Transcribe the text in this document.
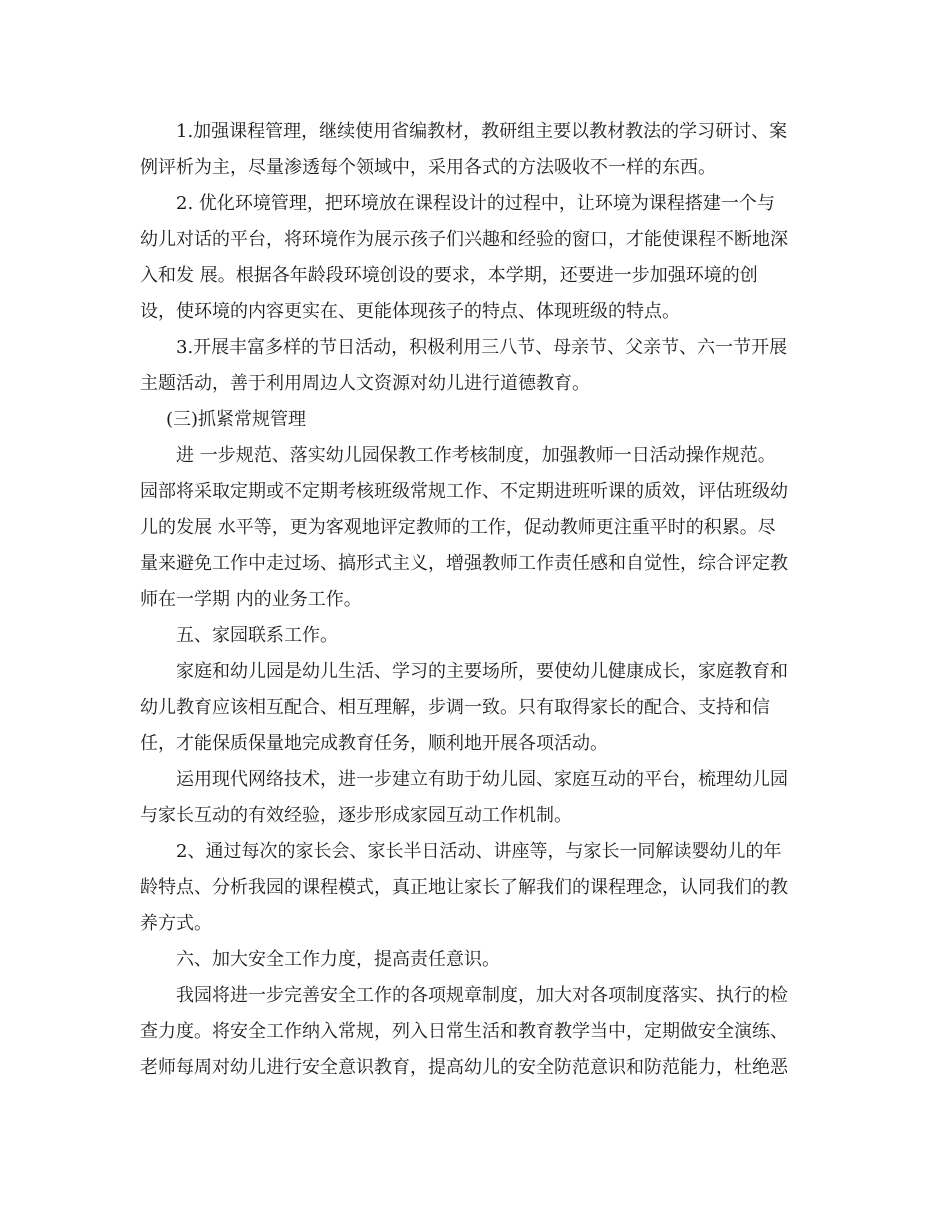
1.加强课程管理，继续使用省编教材，教研组主要以教材教法的学习研讨、案
例评析为主，尽量渗透每个领域中，采用各式的方法吸收不一样的东西。

2. 优化环境管理，把环境放在课程设计的过程中，让环境为课程搭建一个与
幼儿对话的平台，将环境作为展示孩子们兴趣和经验的窗口，才能使课程不断地深
入和发 展。根据各年龄段环境创设的要求，本学期，还要进一步加强环境的创
设，使环境的内容更实在、更能体现孩子的特点、体现班级的特点。

3.开展丰富多样的节日活动，积极利用三八节、母亲节、父亲节、六一节开展
主题活动，善于利用周边人文资源对幼儿进行道德教育。

(三)抓紧常规管理

进 一步规范、落实幼儿园保教工作考核制度，加强教师一日活动操作规范。
园部将采取定期或不定期考核班级常规工作、不定期进班听课的质效，评估班级幼
儿的发展 水平等，更为客观地评定教师的工作，促动教师更注重平时的积累。尽
量来避免工作中走过场、搞形式主义，增强教师工作责任感和自觉性，综合评定教
师在一学期 内的业务工作。

五、家园联系工作。

家庭和幼儿园是幼儿生活、学习的主要场所，要使幼儿健康成长，家庭教育和
幼儿教育应该相互配合、相互理解，步调一致。只有取得家长的配合、支持和信
任，才能保质保量地完成教育任务，顺利地开展各项活动。

运用现代网络技术，进一步建立有助于幼儿园、家庭互动的平台，梳理幼儿园
与家长互动的有效经验，逐步形成家园互动工作机制。

2、通过每次的家长会、家长半日活动、讲座等，与家长一同解读婴幼儿的年
龄特点、分析我园的课程模式，真正地让家长了解我们的课程理念，认同我们的教
养方式。

六、加大安全工作力度，提高责任意识。

我园将进一步完善安全工作的各项规章制度，加大对各项制度落实、执行的检
查力度。将安全工作纳入常规，列入日常生活和教育教学当中，定期做安全演练、
老师每周对幼儿进行安全意识教育，提高幼儿的安全防范意识和防范能力，杜绝恶
